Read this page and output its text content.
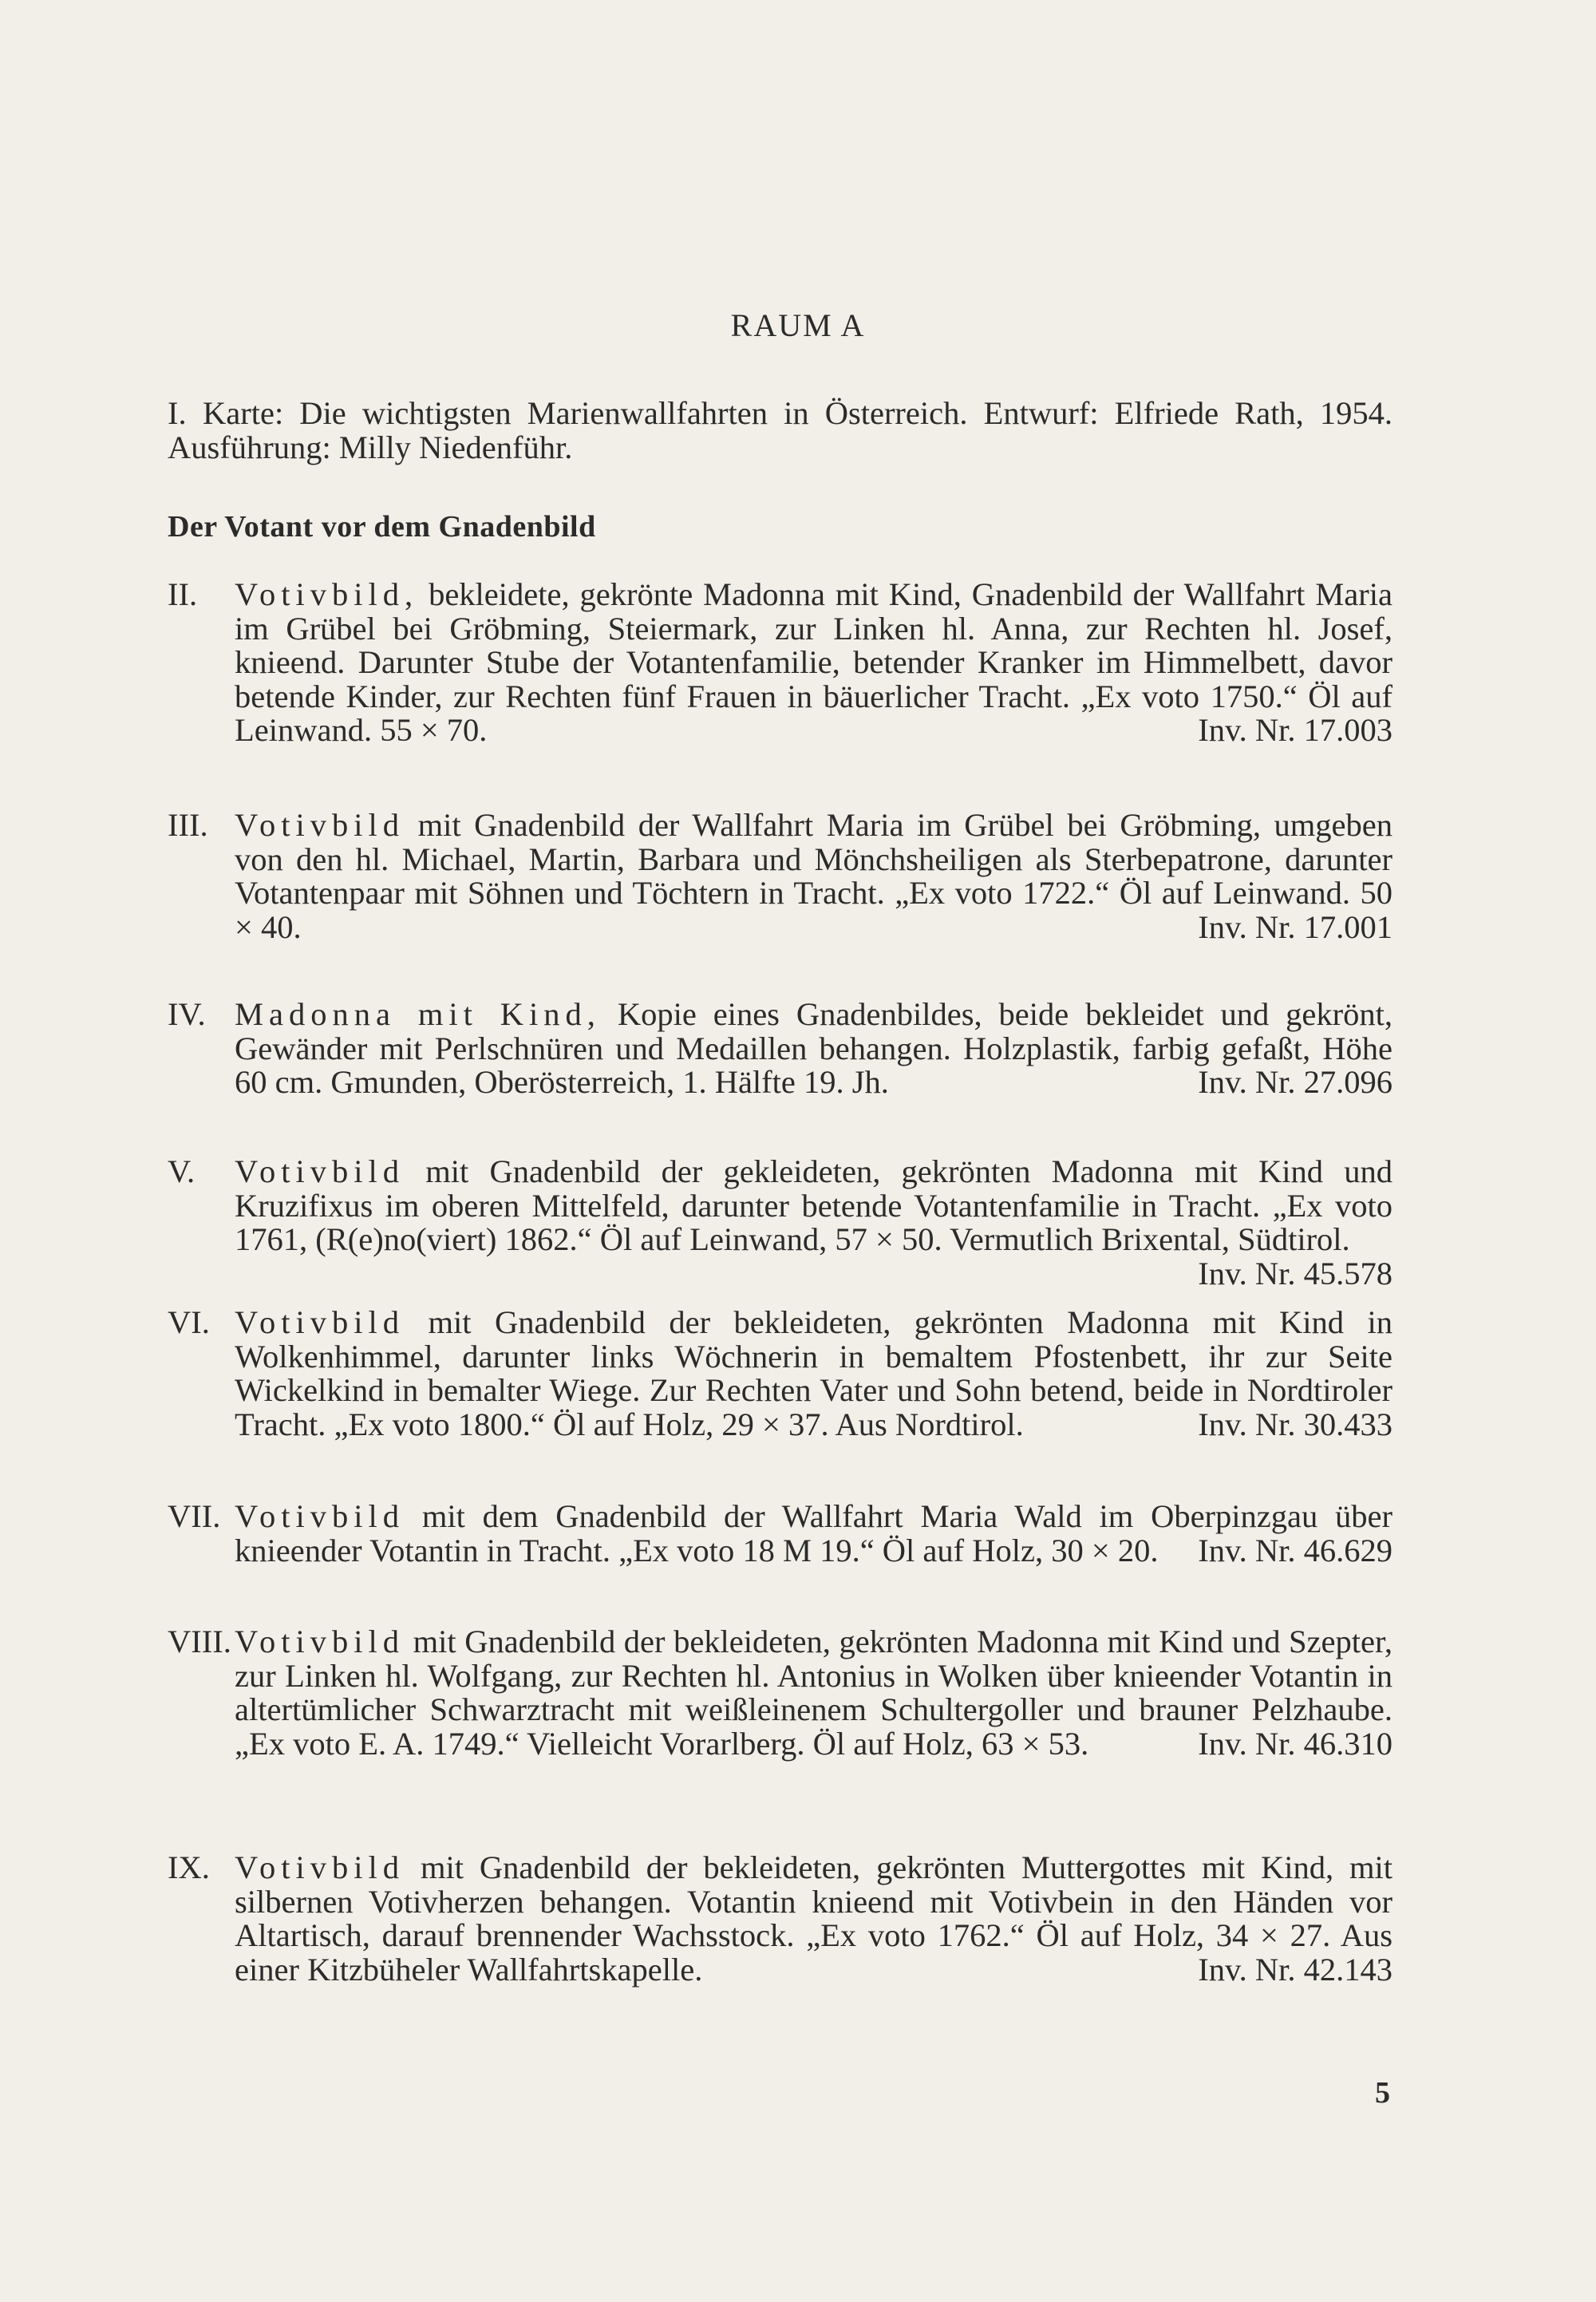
RAUM A
I. Karte: Die wichtigsten Marienwallfahrten in Österreich. Entwurf: Elfriede Rath, 1954. Ausführung: Milly Niedenführ.
Der Votant vor dem Gnadenbild
II. Votivbild, bekleidete, gekrönte Madonna mit Kind, Gnadenbild der Wallfahrt Maria im Grübel bei Gröbming, Steiermark, zur Linken hl. Anna, zur Rechten hl. Josef, knieend. Darunter Stube der Votantenfamilie, betender Kranker im Himmelbett, davor betende Kinder, zur Rechten fünf Frauen in bäuerlicher Tracht. „Ex voto 1750.“ Öl auf Leinwand. 55 × 70.	Inv. Nr. 17.003
III. Votivbild mit Gnadenbild der Wallfahrt Maria im Grübel bei Gröbming, umgeben von den hl. Michael, Martin, Barbara und Mönchsheiligen als Sterbepatrone, darunter Votantenpaar mit Söhnen und Töchtern in Tracht. „Ex voto 1722.“ Öl auf Leinwand. 50 × 40.	Inv. Nr. 17.001
IV. Madonna mit Kind, Kopie eines Gnadenbildes, beide bekleidet und gekrönt, Gewänder mit Perlschnüren und Medaillen behangen. Holzplastik, farbig gefaßt, Höhe 60 cm. Gmunden, Oberösterreich, 1. Hälfte 19. Jh.	Inv. Nr. 27.096
V. Votivbild mit Gnadenbild der gekleideten, gekrönten Madonna mit Kind und Kruzifixus im oberen Mittelfeld, darunter betende Votantenfamilie in Tracht. „Ex voto 1761, (R(e)no(viert) 1862.“ Öl auf Leinwand, 57 × 50. Vermutlich Brixental, Südtirol.
Inv. Nr. 45.578
VI. Votivbild mit Gnadenbild der bekleideten, gekrönten Madonna mit Kind in Wolkenhimmel, darunter links Wöchnerin in bemaltem Pfostenbett, ihr zur Seite Wickelkind in bemalter Wiege. Zur Rechten Vater und Sohn betend, beide in Nordtiroler Tracht. „Ex voto 1800.“ Öl auf Holz, 29 × 37. Aus Nordtirol.	Inv. Nr. 30.433
VII. Votivbild mit dem Gnadenbild der Wallfahrt Maria Wald im Oberpinzgau über knieender Votantin in Tracht. „Ex voto 18 M 19.“ Öl auf Holz, 30 × 20. Inv. Nr. 46.629
VIII. Votivbild mit Gnadenbild der bekleideten, gekrönten Madonna mit Kind und Szepter, zur Linken hl. Wolfgang, zur Rechten hl. Antonius in Wolken über knieender Votantin in altertümlicher Schwarztracht mit weißleinenem Schultergoller und brauner Pelzhaube. „Ex voto E. A. 1749.“ Vielleicht Vorarlberg. Öl auf Holz, 63 × 53.	Inv. Nr. 46.310
IX. Votivbild mit Gnadenbild der bekleideten, gekrönten Muttergottes mit Kind, mit silbernen Votivherzen behangen. Votantin knieend mit Votivbein in den Händen vor Altartisch, darauf brennender Wachsstock. „Ex voto 1762.“ Öl auf Holz, 34 × 27. Aus einer Kitzbüheler Wallfahrtskapelle.	Inv. Nr. 42.143
5
